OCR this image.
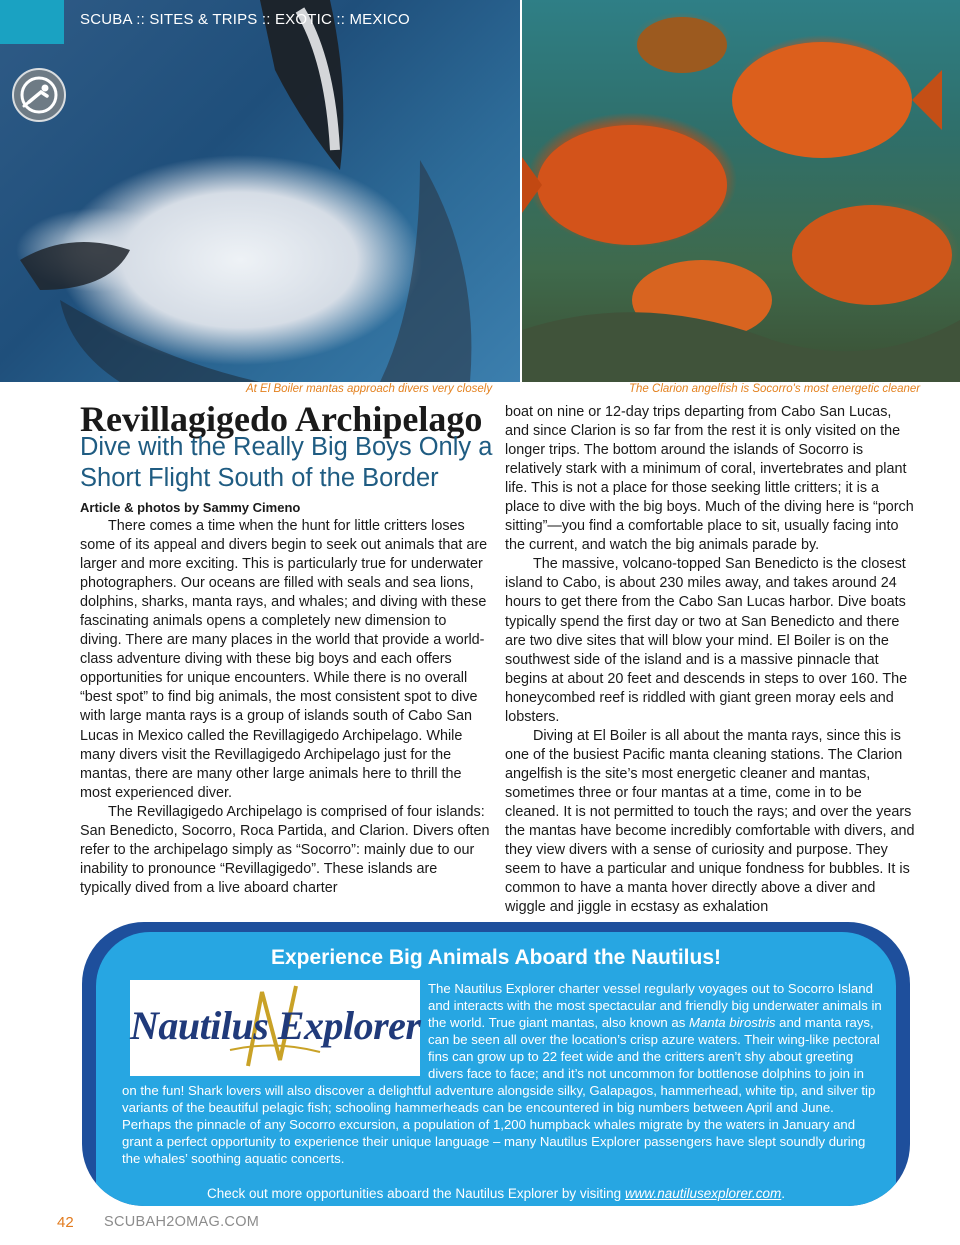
SCUBA :: SITES & TRIPS :: EXOTIC :: MEXICO
At El Boiler mantas approach divers very closely	The Clarion angelfish is Socorro's most energetic cleaner
Revillagigedo Archipelago
Dive with the Really Big Boys Only a Short Flight South of the Border
Article & photos by Sammy Cimeno

There comes a time when the hunt for little critters loses some of its appeal and divers begin to seek out animals that are larger and more exciting. This is particularly true for underwater photographers. Our oceans are filled with seals and sea lions, dolphins, sharks, manta rays, and whales; and diving with these fascinating animals opens a completely new dimension to diving. There are many places in the world that provide a world-class adventure diving with these big boys and each offers opportunities for unique encounters. While there is no overall “best spot” to find big animals, the most consistent spot to dive with large manta rays is a group of islands south of Cabo San Lucas in Mexico called the Revillagigedo Archipelago. While many divers visit the Revillagigedo Archipelago just for the mantas, there are many other large animals here to thrill the most experienced diver.

The Revillagigedo Archipelago is comprised of four islands: San Benedicto, Socorro, Roca Partida, and Clarion. Divers often refer to the archipelago simply as “Socorro”: mainly due to our inability to pronounce “Revillagigedo”. These islands are typically dived from a live aboard charter

boat on nine or 12-day trips departing from Cabo San Lucas, and since Clarion is so far from the rest it is only visited on the longer trips. The bottom around the islands of Socorro is relatively stark with a minimum of coral, invertebrates and plant life. This is not a place for those seeking little critters; it is a place to dive with the big boys. Much of the diving here is “porch sitting”—you find a comfortable place to sit, usually facing into the current, and watch the big animals parade by.

The massive, volcano-topped San Benedicto is the closest island to Cabo, is about 230 miles away, and takes around 24 hours to get there from the Cabo San Lucas harbor. Dive boats typically spend the first day or two at San Benedicto and there are two dive sites that will blow your mind. El Boiler is on the southwest side of the island and is a massive pinnacle that begins at about 20 feet and descends in steps to over 160. The honeycombed reef is riddled with giant green moray eels and lobsters.

Diving at El Boiler is all about the manta rays, since this is one of the busiest Pacific manta cleaning stations. The Clarion angelfish is the site’s most energetic cleaner and mantas, sometimes three or four mantas at a time, come in to be cleaned. It is not permitted to touch the rays; and over the years the mantas have become incredibly comfortable with divers, and they view divers with a sense of curiosity and purpose. They seem to have a particular and unique fondness for bubbles. It is common to have a manta hover directly above a diver and wiggle and jiggle in ecstasy as exhalation

Experience Big Animals Aboard the Nautilus!
Nautilus Explorer
The Nautilus Explorer charter vessel regularly voyages out to Socorro Island and interacts with the most spectacular and friendly big underwater animals in the world. True giant mantas, also known as Manta birostris and manta rays, can be seen all over the location’s crisp azure waters. Their wing-like pectoral fins can grow up to 22 feet wide and the critters aren’t shy about greeting divers face to face; and it’s not uncommon for bottlenose dolphins to join in on the fun! Shark lovers will also discover a delightful adventure alongside silky, Galapagos, hammerhead, white tip, and silver tip variants of the beautiful pelagic fish; schooling hammerheads can be encountered in big numbers between April and June. Perhaps the pinnacle of any Socorro excursion, a population of 1,200 humpback whales migrate by the waters in January and grant a perfect opportunity to experience their unique language – many Nautilus Explorer passengers have slept soundly during the whales’ soothing aquatic concerts.
Check out more opportunities aboard the Nautilus Explorer by visiting www.nautilusexplorer.com.
42 SCUBAH2OMAG.COM
